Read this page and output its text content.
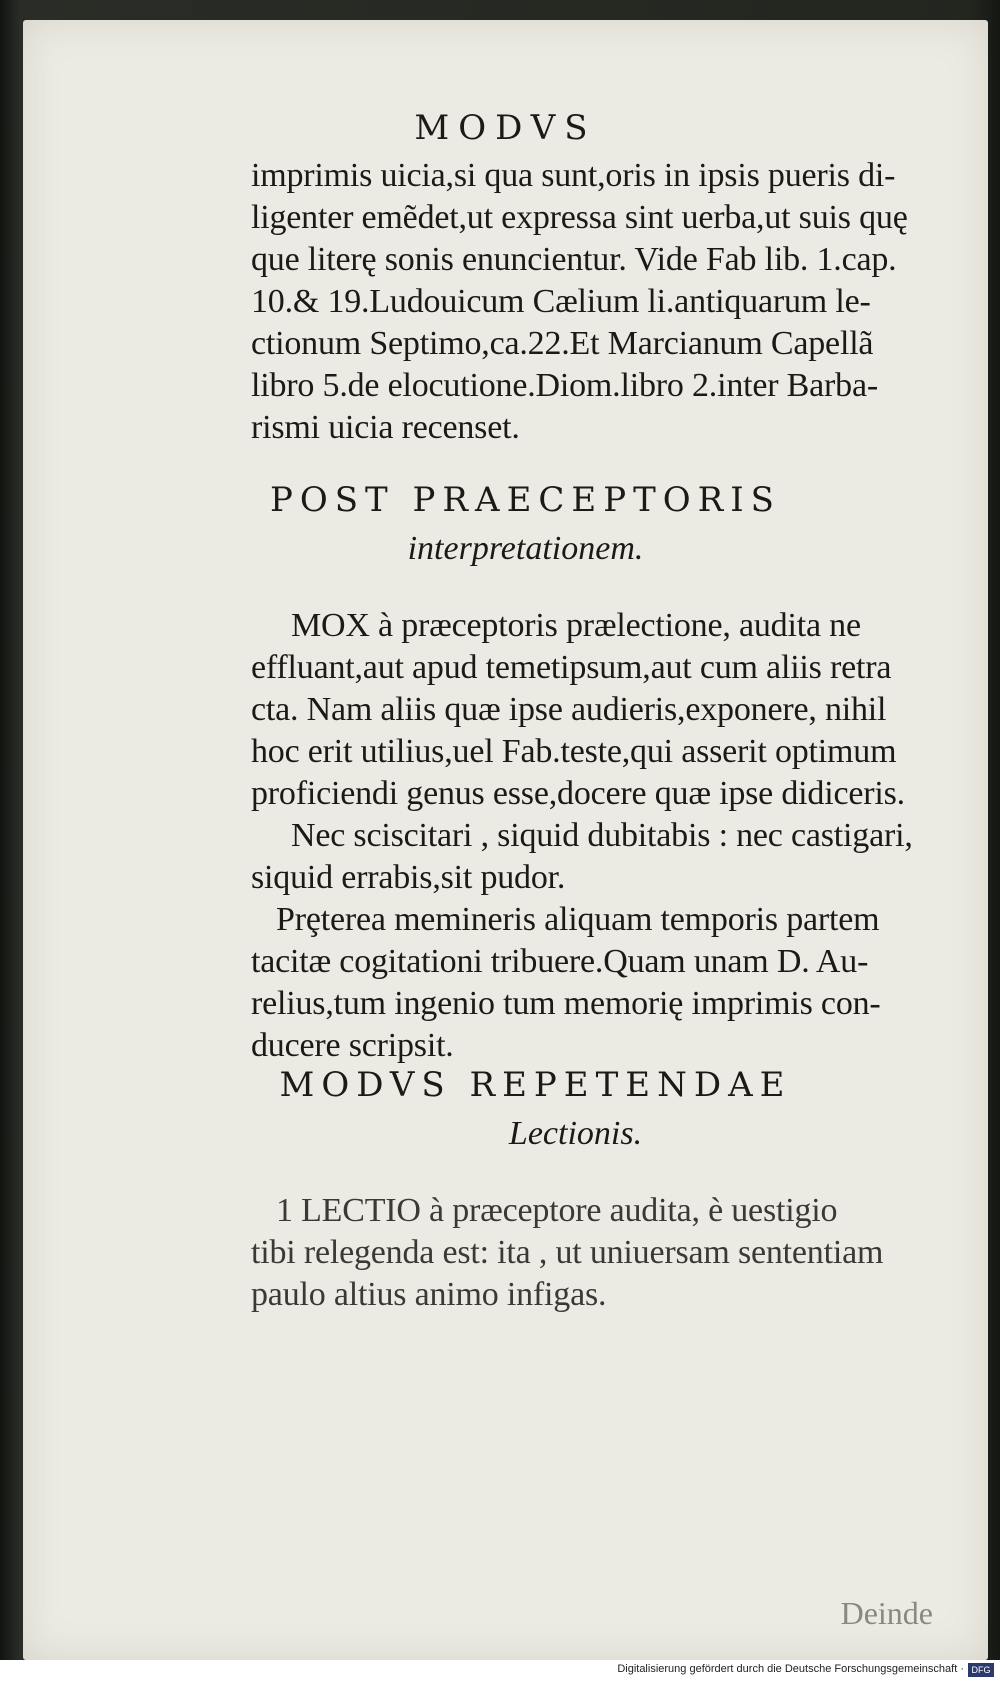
MODVS
imprimis uicia,si qua sunt,oris in ipsis pueris di-
ligenter emẽdet,ut expressa sint uerba,ut suis quę
que literę sonis enuncientur. Vide Fab lib. 1.cap.
10.& 19.Ludouicum Cælium li.antiquarum le-
ctionum Septimo,ca.22.Et Marcianum Capellã
libro 5.de elocutione.Diom.libro 2.inter Barba-
rismi uicia recenset.
POST PRAECEPTORIS
interpretationem.
MOX à præceptoris prælectione, audita ne
effluant,aut apud temetipsum,aut cum aliis retra
cta. Nam aliis quæ ipse audieris,exponere, nihil
hoc erit utilius,uel Fab.teste,qui asserit optimum
proficiendi genus esse,docere quæ ipse didiceris.
Nec sciscitari , siquid dubitabis : nec castigari,
siquid errabis,sit pudor.
Prȩterea memineris aliquam temporis partem
tacitæ cogitationi tribuere.Quam unam D. Au-
relius,tum ingenio tum memorię imprimis con-
ducere scripsit.
MODVS REPETENDAE
Lectionis.
1 LECTIO à præceptore audita, è uestigio
tibi relegenda est: ita , ut uniuersam sententiam
paulo altius animo infigas.
Deinde
Digitalisierung gefördert durch die Deutsche Forschungsgemeinschaft · DFG
